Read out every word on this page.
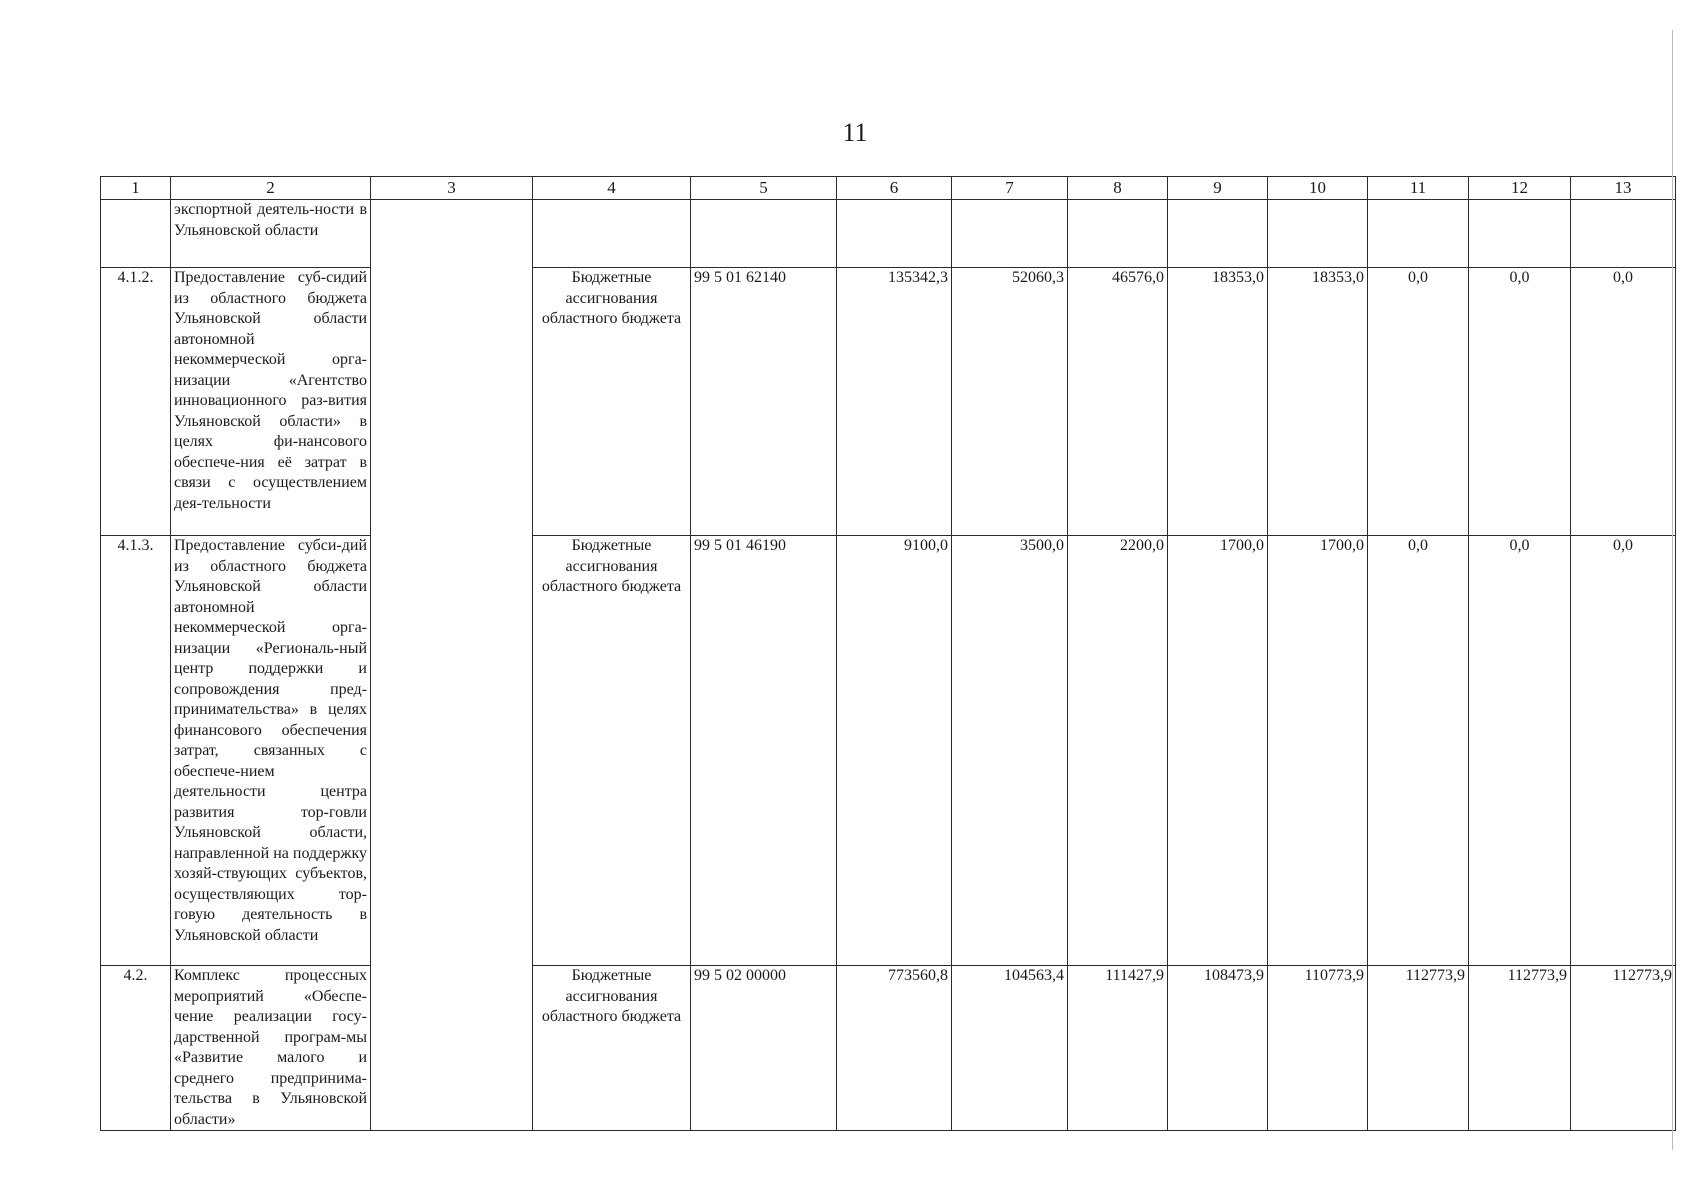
11
1	2	3	4	5	6	7	8	9	10	11	12	13
	экспортной деятель-ности в Ульяновской области											
4.1.2.	Предоставление суб-сидий из областного бюджета Ульяновской области автономной некоммерческой орга-низации «Агентство инновационного раз-вития Ульяновской области» в целях фи-нансового обеспече-ния её затрат в связи с осуществлением дея-тельности		Бюджетные ассигнования областного бюджета	99 5 01 62140	135342,3	52060,3	46576,0	18353,0	18353,0	0,0	0,0	0,0
4.1.3.	Предоставление субси-дий из областного бюджета Ульяновской области автономной некоммерческой орга-низации «Региональ-ный центр поддержки и сопровождения пред-принимательства» в целях финансового обеспечения затрат, связанных с обеспече-нием деятельности центра развития тор-говли Ульяновской области, направленной на поддержку хозяй-ствующих субъектов, осуществляющих тор-говую деятельность в Ульяновской области		Бюджетные ассигнования областного бюджета	99 5 01 46190	9100,0	3500,0	2200,0	1700,0	1700,0	0,0	0,0	0,0
4.2.	Комплекс процессных мероприятий «Обеспе-чение реализации госу-дарственной програм-мы «Развитие малого и среднего предпринима-тельства в Ульяновской области»		Бюджетные ассигнования областного бюджета	99 5 02 00000	773560,8	104563,4	111427,9	108473,9	110773,9	112773,9	112773,9	112773,9
